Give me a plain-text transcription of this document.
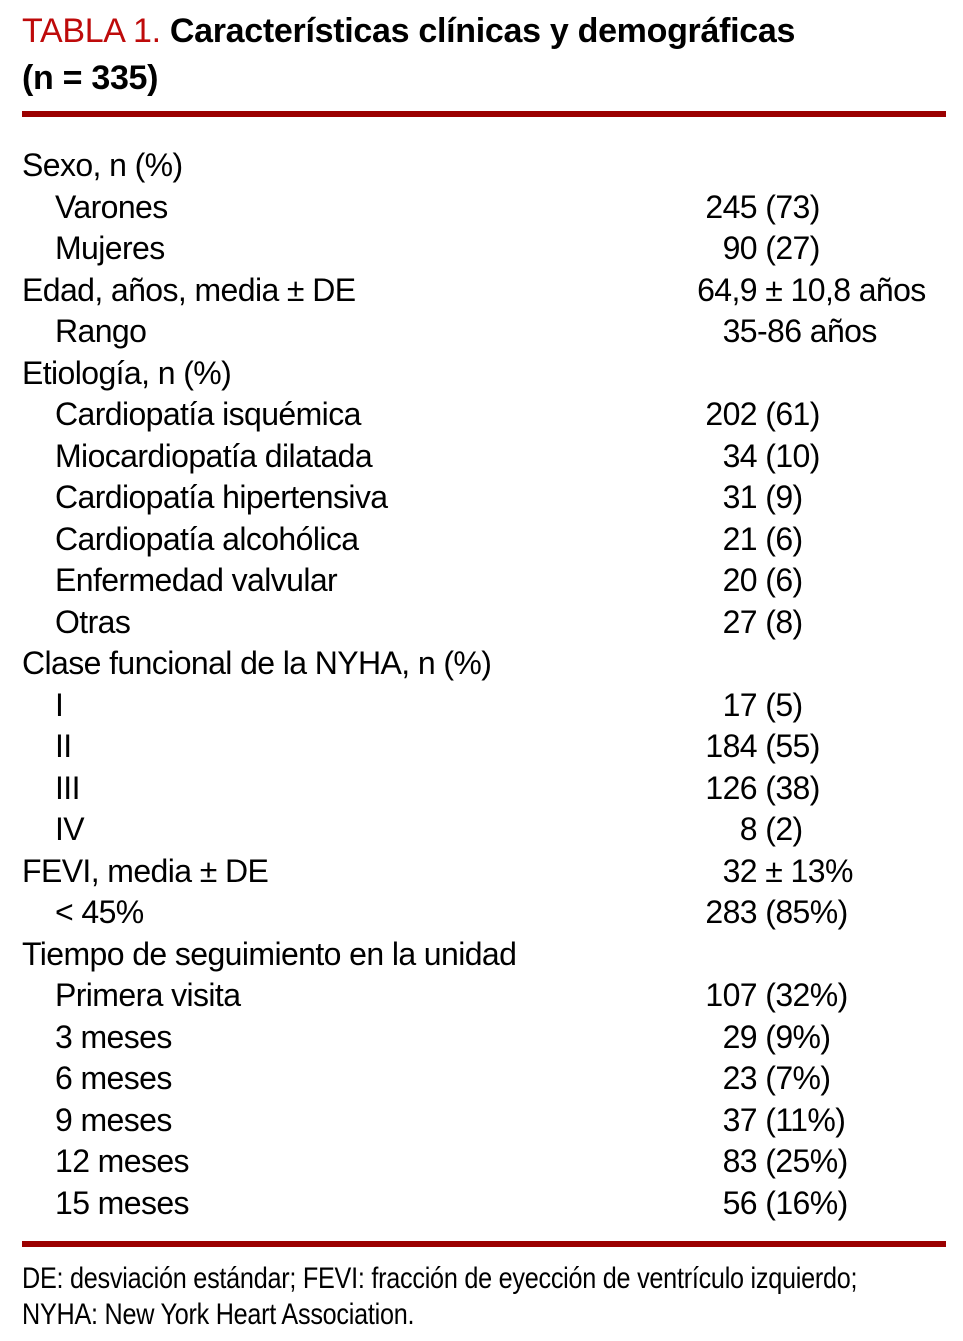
TABLA 1. Características clínicas y demográficas
(n = 335)
Sexo, n (%)
Varones	245 (73)
Mujeres	90 (27)
Edad, años, media ± DE	64,9 ± 10,8 años
Rango	35-86 años
Etiología, n (%)
Cardiopatía isquémica	202 (61)
Miocardiopatía dilatada	34 (10)
Cardiopatía hipertensiva	31 (9)
Cardiopatía alcohólica	21 (6)
Enfermedad valvular	20 (6)
Otras	27 (8)
Clase funcional de la NYHA, n (%)
I	17 (5)
II	184 (55)
III	126 (38)
IV	8 (2)
FEVI, media ± DE	32 ± 13%
< 45%	283 (85%)
Tiempo de seguimiento en la unidad
Primera visita	107 (32%)
3 meses	29 (9%)
6 meses	23 (7%)
9 meses	37 (11%)
12 meses	83 (25%)
15 meses	56 (16%)
DE: desviación estándar; FEVI: fracción de eyección de ventrículo izquierdo;
NYHA: New York Heart Association.
